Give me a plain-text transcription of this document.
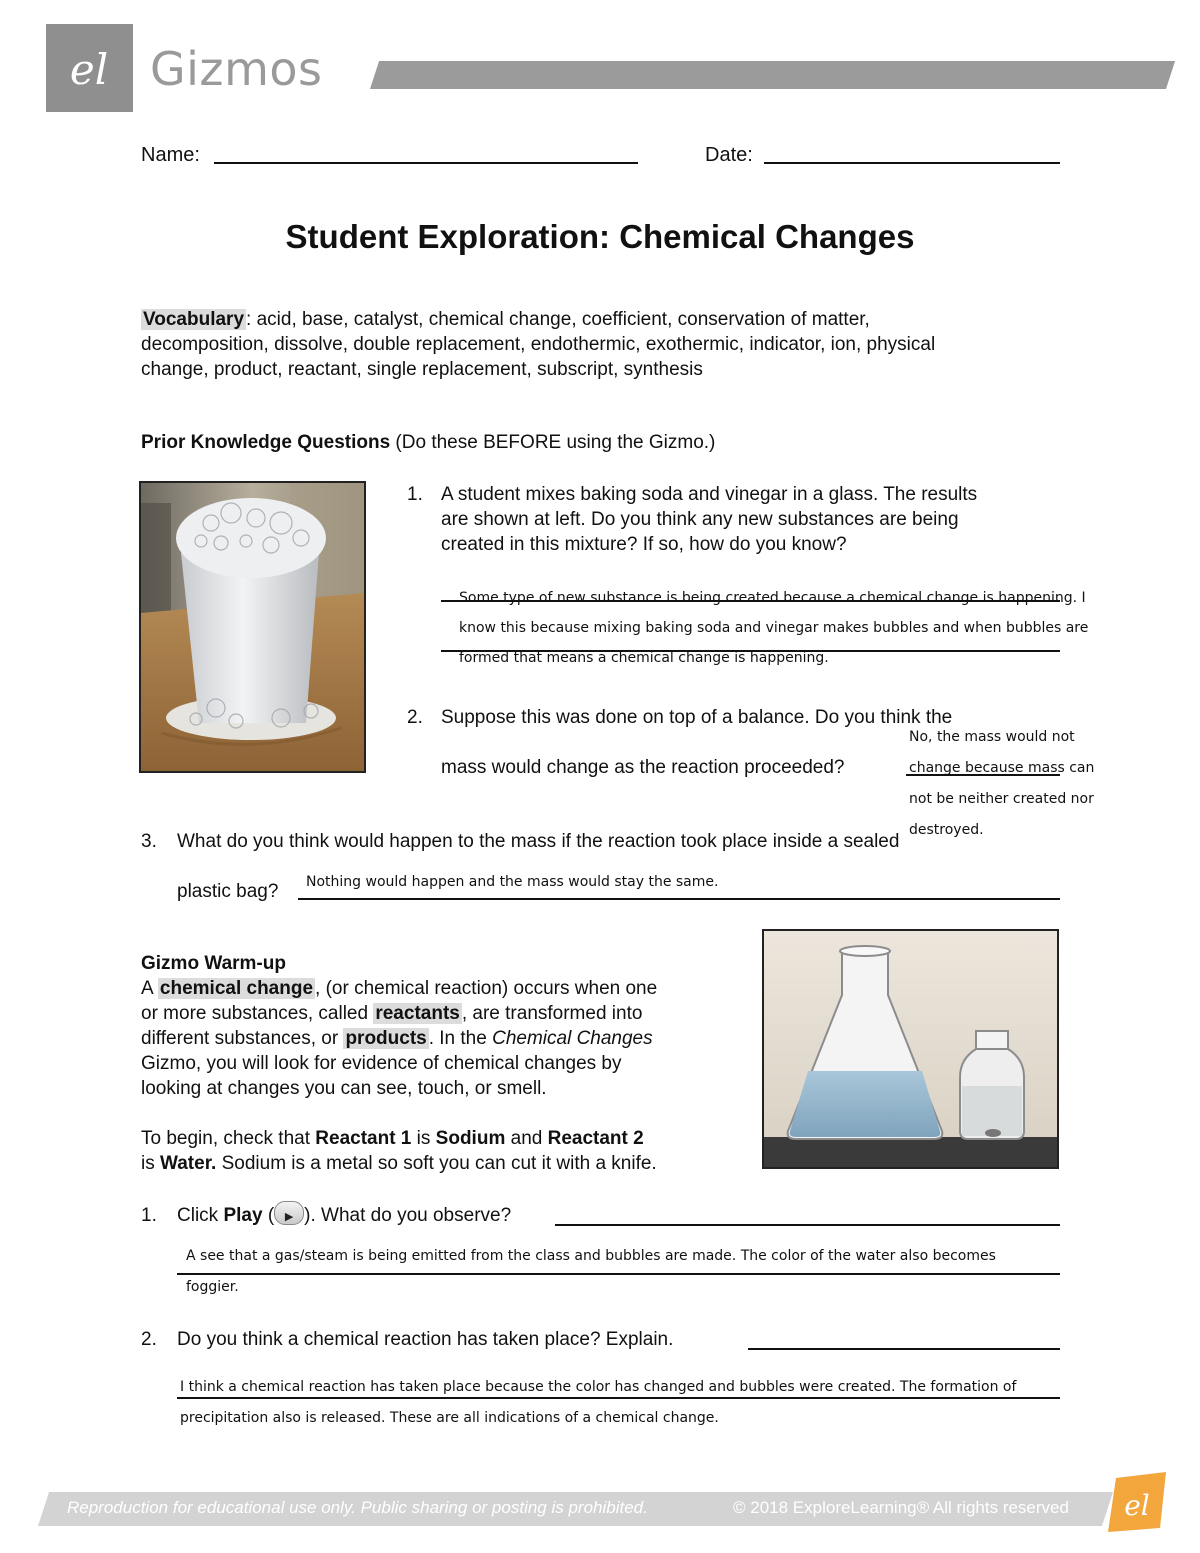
el Gizmos
Name:	Date:
Student Exploration: Chemical Changes
Vocabulary : acid, base, catalyst, chemical change, coefficient, conservation of matter,
decomposition, dissolve, double replacement, endothermic, exothermic, indicator, ion, physical
change, product, reactant, single replacement, subscript, synthesis
Prior Knowledge Questions (Do these BEFORE using the Gizmo.)
1. A student mixes baking soda and vinegar in a glass. The results
are shown at left. Do you think any new substances are being
created in this mixture? If so, how do you know?
Some type of new substance is being created because a chemical change is happening. I
know this because mixing baking soda and vinegar makes bubbles and when bubbles are
formed that means a chemical change is happening.
2. Suppose this was done on top of a balance. Do you think the
mass would change as the reaction proceeded?
No, the mass would not
change because mass can
not be neither created nor
destroyed.
3. What do you think would happen to the mass if the reaction took place inside a sealed
plastic bag? Nothing would happen and the mass would stay the same.
Gizmo Warm-up
A chemical change , (or chemical reaction) occurs when one
or more substances, called reactants , are transformed into
different substances, or products . In the Chemical Changes
Gizmo, you will look for evidence of chemical changes by
looking at changes you can see, touch, or smell.
To begin, check that Reactant 1 is Sodium and Reactant 2
is Water. Sodium is a metal so soft you can cut it with a knife.
1. Click Play ( ▶ ). What do you observe?
A see that a gas/steam is being emitted from the class and bubbles are made. The color of the water also becomes
foggier.
2. Do you think a chemical reaction has taken place? Explain.
I think a chemical reaction has taken place because the color has changed and bubbles were created. The formation of
precipitation also is released. These are all indications of a chemical change.
Reproduction for educational use only. Public sharing or posting is prohibited.	© 2018 ExploreLearning® All rights reserved el
